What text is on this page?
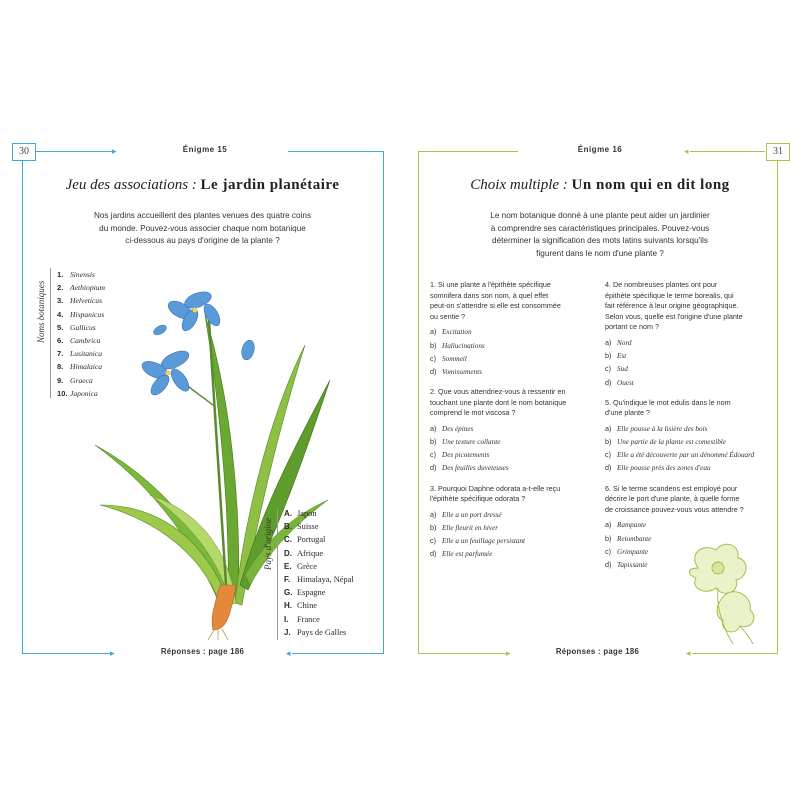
▸
◂
▸
30	Énigme 15
Jeu des associations : Le jardin planétaire
Nos jardins accueillent des plantes venues des quatre coins
du monde. Pouvez-vous associer chaque nom botanique
ci-dessous au pays d'origine de la plante ?
Noms botaniques
1. Sinensis
2. Aethiopium
3. Helveticus
4. Hispanicus
5. Gallicus
6. Cambrica
7. Lusitanica
8. Himalaica
9. Graeca
10. Japonica
Pays d'origine
A. Japon
B. Suisse
C. Portugal
D. Afrique
E. Grèce
F. Himalaya, Népal
G. Espagne
H. Chine
I. France
J. Pays de Galles
Réponses : page 186	▸
◂
◂
31
Énigme 16
Choix multiple : Un nom qui en dit long
Le nom botanique donné à une plante peut aider un jardinier
à comprendre ses caractéristiques principales. Pouvez-vous
déterminer la signification des mots latins suivants lorsqu'ils
figurent dans le nom d'une plante ?
1. Si une plante a l'épithète spécifique
somnifera dans son nom, à quel effet
peut-on s'attendre si elle est consommée
ou sentie ?
a) Excitation
b) Hallucinations
c) Sommeil
d) Vomissements
2. Que vous attendriez-vous à ressentir en
touchant une plante dont le nom botanique
comprend le mot viscosa ?
a) Des épines
b) Une texture collante
c) Des picotements
d) Des feuilles duveteuses
3. Pourquoi Daphne odorata a-t-elle reçu
l'épithète spécifique odorata ?
a) Elle a un port dressé
b) Elle fleurit en hiver
c) Elle a un feuillage persistant
d) Elle est parfumée
4. De nombreuses plantes ont pour
épithète spécifique le terme borealis, qui
fait référence à leur origine géographique.
Selon vous, quelle est l'origine d'une plante
portant ce nom ?
a) Nord
b) Est
c) Sud
d) Ouest
5. Qu'indique le mot edulis dans le nom
d'une plante ?
a) Elle pousse à la lisière des bois
b) Une partie de la plante est comestible
c) Elle a été découverte par un dénommé Édouard
d) Elle pousse près des zones d'eau
6. Si le terme scandens est employé pour
décrire le port d'une plante, à quelle forme
de croissance pouvez-vous vous attendre ?
a) Rampante
b) Retombante
c) Grimpante
d) Tapissante
Réponses : page 186
